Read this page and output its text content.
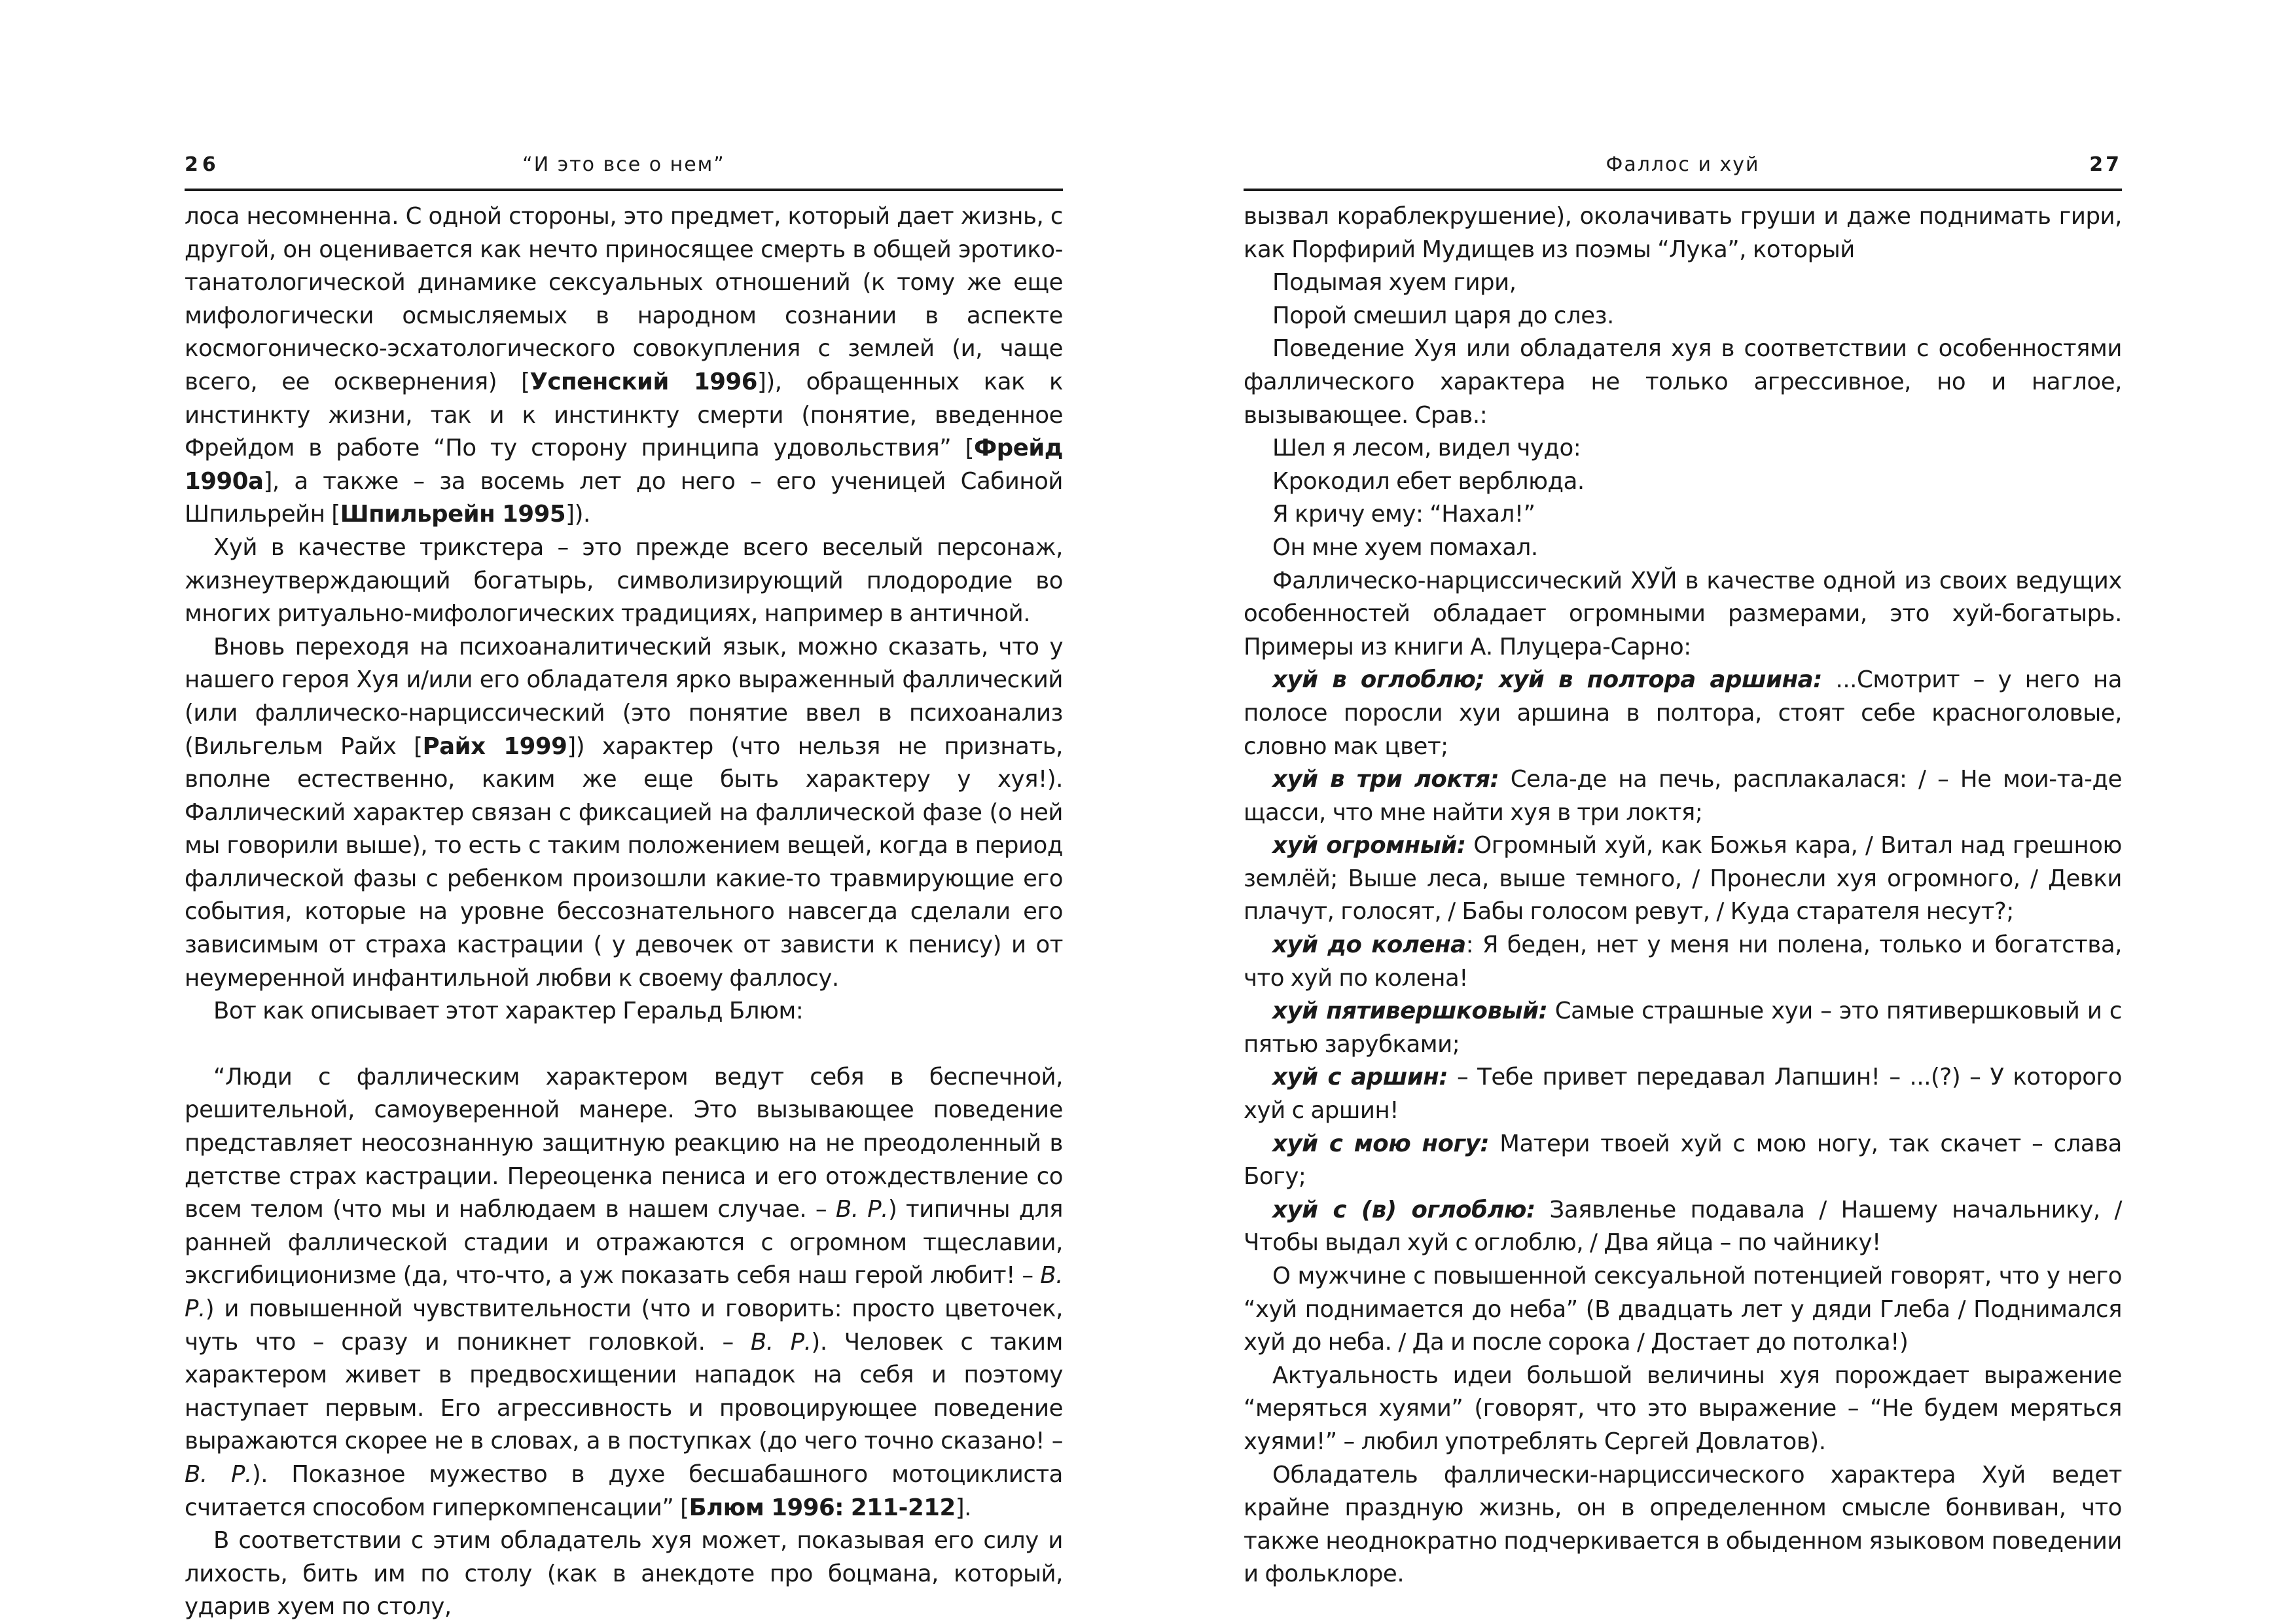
26	“И это все о нем”

лоса несомненна. С одной стороны, это предмет, который дает жизнь, с другой, он оценивается как нечто приносящее смерть в общей эротико-танатологической динамике сексуальных отношений (к тому же еще мифологически осмысляемых в народном сознании в аспекте космогоническо-эсхатологического совокупления с землей (и, чаще всего, ее осквернения) [Успенский 1996]), обращенных как к инстинкту жизни, так и к инстинкту смерти (понятие, введенное Фрейдом в работе “По ту сторону принципа удовольствия” [Фрейд 1990а], а также – за восемь лет до него – его ученицей Сабиной Шпильрейн [Шпильрейн 1995]).

Хуй в качестве трикстера – это прежде всего веселый персонаж, жизнеутверждающий богатырь, символизирующий плодородие во многих ритуально-мифологических традициях, например в античной.

Вновь переходя на психоаналитический язык, можно сказать, что у нашего героя Хуя и/или его обладателя ярко выраженный фаллический (или фаллическо-нарциссический (это понятие ввел в психоанализ (Вильгельм Райх [Райх 1999]) характер (что нельзя не признать, вполне естественно, каким же еще быть характеру у хуя!). Фаллический характер связан с фиксацией на фаллической фазе (о ней мы говорили выше), то есть с таким положением вещей, когда в период фаллической фазы с ребенком произошли какие-то травмирующие его события, которые на уровне бессознательного навсегда сделали его зависимым от страха кастрации ( у девочек от зависти к пенису) и от неумеренной инфантильной любви к своему фаллосу.

Вот как описывает этот характер Геральд Блюм:

“Люди с фаллическим характером ведут себя в беспечной, решительной, самоуверенной манере. Это вызывающее поведение представляет неосознанную защитную реакцию на не преодоленный в детстве страх кастрации. Переоценка пениса и его отождествление со всем телом (что мы и наблюдаем в нашем случае. – В. Р.) типичны для ранней фаллической стадии и отражаются с огромном тщеславии, эксгибиционизме (да, что-что, а уж показать себя наш герой любит! – В. Р.) и повышенной чувствительности (что и говорить: просто цветочек, чуть что – сразу и поникнет головкой. – В. Р.). Человек с таким характером живет в предвосхищении нападок на себя и поэтому наступает первым. Его агрессивность и провоцирующее поведение выражаются скорее не в словах, а в поступках (до чего точно сказано! – В. Р.). Показное мужество в духе бесшабашного мотоциклиста считается способом гиперкомпенсации” [Блюм 1996: 211-212].

В соответствии с этим обладатель хуя может, показывая его силу и лихость, бить им по столу (как в анекдоте про боцмана, который, ударив хуем по столу,

Фаллос и хуй	27

вызвал кораблекрушение), околачивать груши и даже поднимать гири, как Порфирий Мудищев из поэмы “Лука”, который

Подымая хуем гири,

Порой смешил царя до слез.

Поведение Хуя или обладателя хуя в соответствии с особенностями фаллического характера не только агрессивное, но и наглое, вызывающее. Срав.:

Шел я лесом, видел чудо:

Крокодил ебет верблюда.

Я кричу ему: “Нахал!”

Он мне хуем помахал.

Фаллическо-нарциссический ХУЙ в качестве одной из своих ведущих особенностей обладает огромными размерами, это хуй-богатырь. Примеры из книги А. Плуцера-Сарно:

хуй в оглоблю; хуй в полтора аршина: ...Смотрит – у него на полосе поросли хуи аршина в полтора, стоят себе красноголовые, словно мак цвет;

хуй в три локтя: Села-де на печь, расплакалася: / – Не мои-та-де щасси, что мне найти хуя в три локтя;

хуй огромный: Огромный хуй, как Божья кара, / Витал над грешною землёй; Выше леса, выше темного, / Пронесли хуя огромного, / Девки плачут, голосят, / Бабы голосом ревут, / Куда старателя несут?;

хуй до колена: Я беден, нет у меня ни полена, только и богатства, что хуй по колена!

хуй пятивершковый: Самые страшные хуи – это пятивершковый и с пятью зарубками;

хуй с аршин: – Тебе привет передавал Лапшин! – ...(?) – У которого хуй с аршин!

хуй с мою ногу: Матери твоей хуй с мою ногу, так скачет – слава Богу;

хуй с (в) оглоблю: Заявленье подавала / Нашему начальнику, / Чтобы выдал хуй с оглоблю, / Два яйца – по чайнику!

О мужчине с повышенной сексуальной потенцией говорят, что у него “хуй поднимается до неба” (В двадцать лет у дяди Глеба / Поднимался хуй до неба. / Да и после сорока / Достает до потолка!)

Актуальность идеи большой величины хуя порождает выражение “меряться хуями” (говорят, что это выражение – “Не будем меряться хуями!” – любил употреблять Сергей Довлатов).

Обладатель фаллически-нарциссического характера Хуй ведет крайне праздную жизнь, он в определенном смысле бонвиван, что также неоднократно подчеркивается в обыденном языковом поведении и фольклоре.
